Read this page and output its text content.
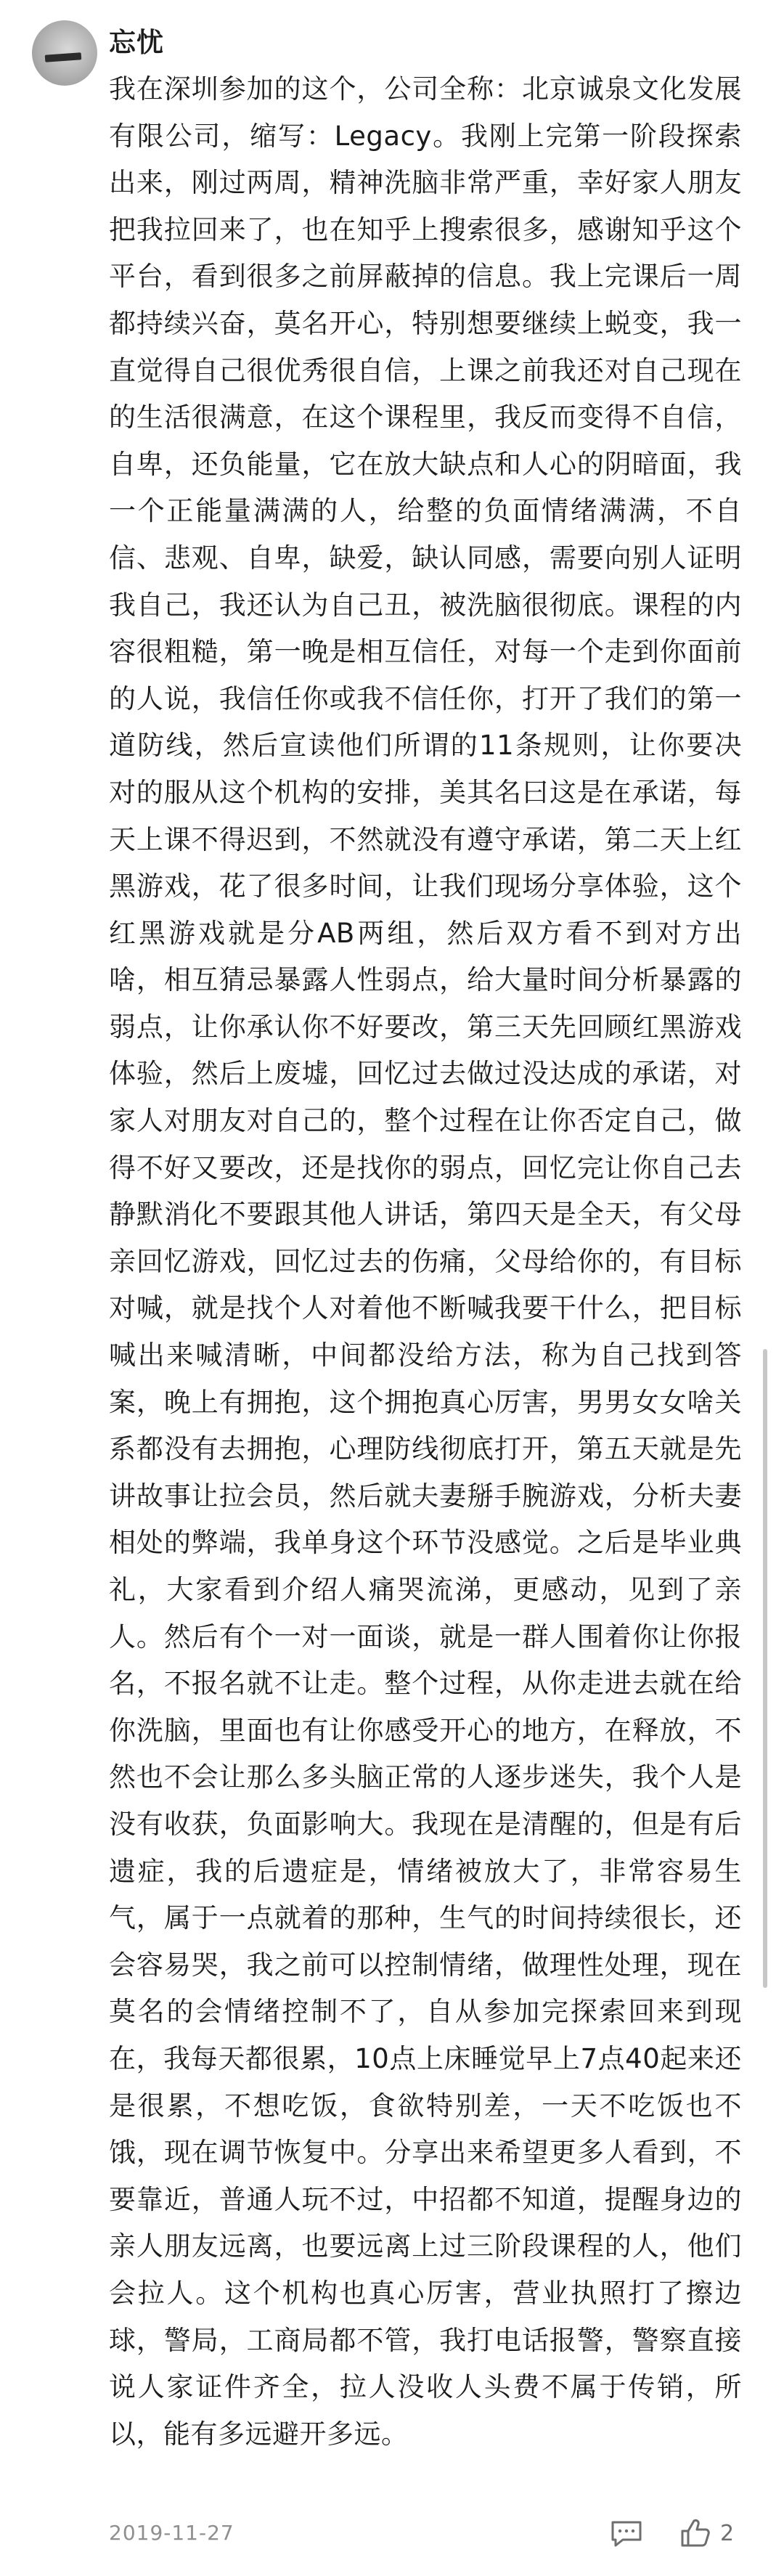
忘忧

我在深圳参加的这个，公司全称：北京诚泉文化发展有限公司，缩写：Legacy。我刚上完第一阶段探索出来，刚过两周，精神洗脑非常严重，幸好家人朋友把我拉回来了，也在知乎上搜索很多，感谢知乎这个平台，看到很多之前屏蔽掉的信息。我上完课后一周都持续兴奋，莫名开心，特别想要继续上蜕变，我一直觉得自己很优秀很自信，上课之前我还对自己现在的生活很满意，在这个课程里，我反而变得不自信，自卑，还负能量，它在放大缺点和人心的阴暗面，我一个正能量满满的人，给整的负面情绪满满，不自信、悲观、自卑，缺爱，缺认同感，需要向别人证明我自己，我还认为自己丑，被洗脑很彻底。课程的内容很粗糙，第一晚是相互信任，对每一个走到你面前的人说，我信任你或我不信任你，打开了我们的第一道防线，然后宣读他们所谓的11条规则，让你要决对的服从这个机构的安排，美其名曰这是在承诺，每天上课不得迟到，不然就没有遵守承诺，第二天上红黑游戏，花了很多时间，让我们现场分享体验，这个红黑游戏就是分AB两组，然后双方看不到对方出啥，相互猜忌暴露人性弱点，给大量时间分析暴露的弱点，让你承认你不好要改，第三天先回顾红黑游戏体验，然后上废墟，回忆过去做过没达成的承诺，对家人对朋友对自己的，整个过程在让你否定自己，做得不好又要改，还是找你的弱点，回忆完让你自己去静默消化不要跟其他人讲话，第四天是全天，有父母亲回忆游戏，回忆过去的伤痛，父母给你的，有目标对喊，就是找个人对着他不断喊我要干什么，把目标喊出来喊清晰，中间都没给方法，称为自己找到答案，晚上有拥抱，这个拥抱真心厉害，男男女女啥关系都没有去拥抱，心理防线彻底打开，第五天就是先讲故事让拉会员，然后就夫妻掰手腕游戏，分析夫妻相处的弊端，我单身这个环节没感觉。之后是毕业典礼，大家看到介绍人痛哭流涕，更感动，见到了亲人。然后有个一对一面谈，就是一群人围着你让你报名，不报名就不让走。整个过程，从你走进去就在给你洗脑，里面也有让你感受开心的地方，在释放，不然也不会让那么多头脑正常的人逐步迷失，我个人是没有收获，负面影响大。我现在是清醒的，但是有后遗症，我的后遗症是，情绪被放大了，非常容易生气，属于一点就着的那种，生气的时间持续很长，还会容易哭，我之前可以控制情绪，做理性处理，现在莫名的会情绪控制不了，自从参加完探索回来到现在，我每天都很累，10点上床睡觉早上7点40起来还是很累，不想吃饭，食欲特别差，一天不吃饭也不饿，现在调节恢复中。分享出来希望更多人看到，不要靠近，普通人玩不过，中招都不知道，提醒身边的亲人朋友远离，也要远离上过三阶段课程的人，他们会拉人。这个机构也真心厉害，营业执照打了擦边球，警局，工商局都不管，我打电话报警，警察直接说人家证件齐全，拉人没收人头费不属于传销，所以，能有多远避开多远。

2019-11-27	2
